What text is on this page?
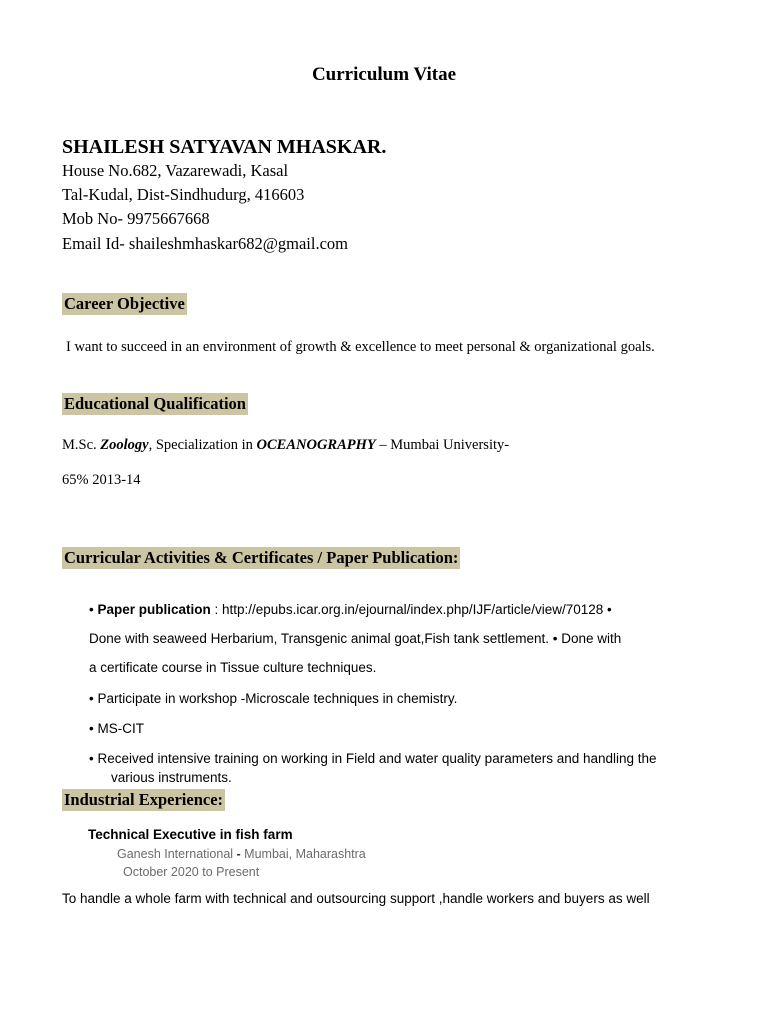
Curriculum Vitae
SHAILESH SATYAVAN MHASKAR.
House No.682, Vazarewadi, Kasal
Tal-Kudal, Dist-Sindhudurg, 416603
Mob No- 9975667668
Email Id- shaileshmhaskar682@gmail.com
Career Objective
I want to succeed in an environment of growth & excellence to meet personal & organizational goals.
Educational Qualification
M.Sc. Zoology, Specialization in OCEANOGRAPHY – Mumbai University-
65% 2013-14
Curricular Activities & Certificates / Paper Publication:
• Paper publication : http://epubs.icar.org.in/ejournal/index.php/IJF/article/view/70128 •
Done with seaweed Herbarium, Transgenic animal goat,Fish tank settlement. • Done with
a certificate course in Tissue culture techniques.
• Participate in workshop -Microscale techniques in chemistry.
• MS-CIT
• Received intensive training on working in Field and water quality parameters and handling the
various instruments.
Industrial Experience:
Technical Executive in fish farm
Ganesh International - Mumbai, Maharashtra
October 2020 to Present
To handle a whole farm with technical and outsourcing support ,handle workers and buyers as well
